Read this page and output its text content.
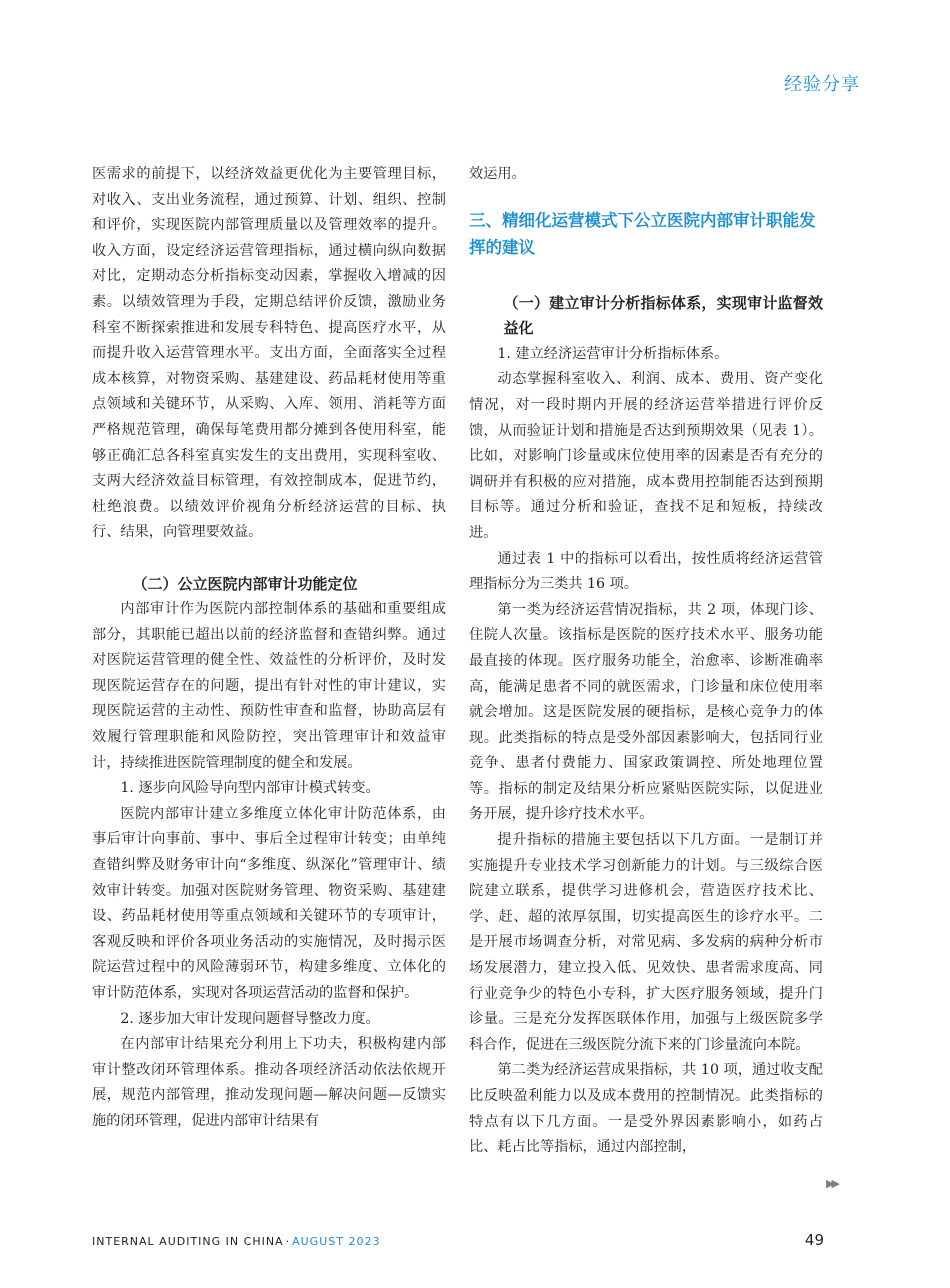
经验分享

医需求的前提下，以经济效益更优化为主要管理目标，对收入、支出业务流程，通过预算、计划、组织、控制和评价，实现医院内部管理质量以及管理效率的提升。收入方面，设定经济运营管理指标，通过横向纵向数据对比，定期动态分析指标变动因素，掌握收入增减的因素。以绩效管理为手段，定期总结评价反馈，激励业务科室不断探索推进和发展专科特色、提高医疗水平，从而提升收入运营管理水平。支出方面，全面落实全过程成本核算，对物资采购、基建建设、药品耗材使用等重点领域和关键环节，从采购、入库、领用、消耗等方面严格规范管理，确保每笔费用都分摊到各使用科室，能够正确汇总各科室真实发生的支出费用，实现科室收、支两大经济效益目标管理，有效控制成本，促进节约，杜绝浪费。以绩效评价视角分析经济运营的目标、执行、结果，向管理要效益。

（二）公立医院内部审计功能定位

内部审计作为医院内部控制体系的基础和重要组成部分，其职能已超出以前的经济监督和查错纠弊。通过对医院运营管理的健全性、效益性的分析评价，及时发现医院运营存在的问题，提出有针对性的审计建议，实现医院运营的主动性、预防性审查和监督，协助高层有效履行管理职能和风险防控，突出管理审计和效益审计，持续推进医院管理制度的健全和发展。

1. 逐步向风险导向型内部审计模式转变。

医院内部审计建立多维度立体化审计防范体系，由事后审计向事前、事中、事后全过程审计转变；由单纯查错纠弊及财务审计向“多维度、纵深化”管理审计、绩效审计转变。加强对医院财务管理、物资采购、基建建设、药品耗材使用等重点领域和关键环节的专项审计，客观反映和评价各项业务活动的实施情况，及时揭示医院运营过程中的风险薄弱环节，构建多维度、立体化的审计防范体系，实现对各项运营活动的监督和保护。

2. 逐步加大审计发现问题督导整改力度。

在内部审计结果充分利用上下功夫，积极构建内部审计整改闭环管理体系。推动各项经济活动依法依规开展，规范内部管理，推动发现问题—解决问题—反馈实施的闭环管理，促进内部审计结果有

效运用。

三、精细化运营模式下公立医院内部审计职能发挥的建议

（一）建立审计分析指标体系，实现审计监督效益化

1. 建立经济运营审计分析指标体系。

动态掌握科室收入、利润、成本、费用、资产变化情况，对一段时期内开展的经济运营举措进行评价反馈，从而验证计划和措施是否达到预期效果（见表 1）。比如，对影响门诊量或床位使用率的因素是否有充分的调研并有积极的应对措施，成本费用控制能否达到预期目标等。通过分析和验证，查找不足和短板，持续改进。

通过表 1 中的指标可以看出，按性质将经济运营管理指标分为三类共 16 项。

第一类为经济运营情况指标，共 2 项，体现门诊、住院人次量。该指标是医院的医疗技术水平、服务功能最直接的体现。医疗服务功能全，治愈率、诊断准确率高，能满足患者不同的就医需求，门诊量和床位使用率就会增加。这是医院发展的硬指标，是核心竞争力的体现。此类指标的特点是受外部因素影响大，包括同行业竞争、患者付费能力、国家政策调控、所处地理位置等。指标的制定及结果分析应紧贴医院实际，以促进业务开展，提升诊疗技术水平。

提升指标的措施主要包括以下几方面。一是制订并实施提升专业技术学习创新能力的计划。与三级综合医院建立联系，提供学习进修机会，营造医疗技术比、学、赶、超的浓厚氛围，切实提高医生的诊疗水平。二是开展市场调查分析，对常见病、多发病的病种分析市场发展潜力，建立投入低、见效快、患者需求度高、同行业竞争少的特色小专科，扩大医疗服务领域，提升门诊量。三是充分发挥医联体作用，加强与上级医院多学科合作，促进在三级医院分流下来的门诊量流向本院。

第二类为经济运营成果指标，共 10 项，通过收支配比反映盈利能力以及成本费用的控制情况。此类指标的特点有以下几方面。一是受外界因素影响小，如药占比、耗占比等指标，通过内部控制，

▶▶
INTERNAL AUDITING IN CHINA · AUGUST 2023	49
